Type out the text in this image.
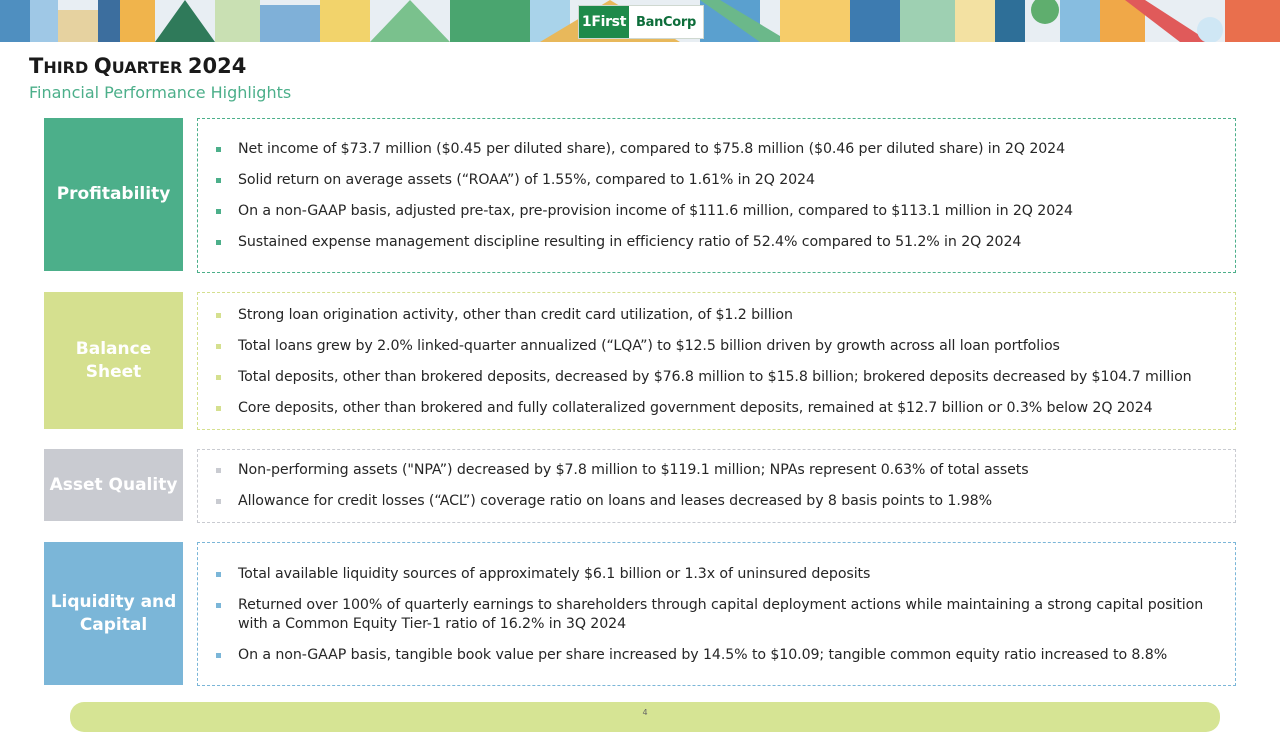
1First BanCorp
THIRD QUARTER 2024

Financial Performance Highlights

Profitability
Net income of $73.7 million ($0.45 per diluted share), compared to $75.8 million ($0.46 per diluted share) in 2Q 2024
Solid return on average assets (“ROAA”) of 1.55%, compared to 1.61% in 2Q 2024
On a non-GAAP basis, adjusted pre-tax, pre-provision income of $111.6 million, compared to $113.1 million in 2Q 2024
Sustained expense management discipline resulting in efficiency ratio of 52.4% compared to 51.2% in 2Q 2024
Balance
Sheet
Strong loan origination activity, other than credit card utilization, of $1.2 billion
Total loans grew by 2.0% linked-quarter annualized (“LQA”) to $12.5 billion driven by growth across all loan portfolios
Total deposits, other than brokered deposits, decreased by $76.8 million to $15.8 billion; brokered deposits decreased by $104.7 million
Core deposits, other than brokered and fully collateralized government deposits, remained at $12.7 billion or 0.3% below 2Q 2024
Asset Quality
Non-performing assets ("NPA”) decreased by $7.8 million to $119.1 million; NPAs represent 0.63% of total assets
Allowance for credit losses (“ACL”) coverage ratio on loans and leases decreased by 8 basis points to 1.98%
Liquidity and
Capital
Total available liquidity sources of approximately $6.1 billion or 1.3x of uninsured deposits
Returned over 100% of quarterly earnings to shareholders through capital deployment actions while maintaining a strong capital position with a Common Equity Tier-1 ratio of 16.2% in 3Q 2024
On a non-GAAP basis, tangible book value per share increased by 14.5% to $10.09; tangible common equity ratio increased to 8.8%
4
